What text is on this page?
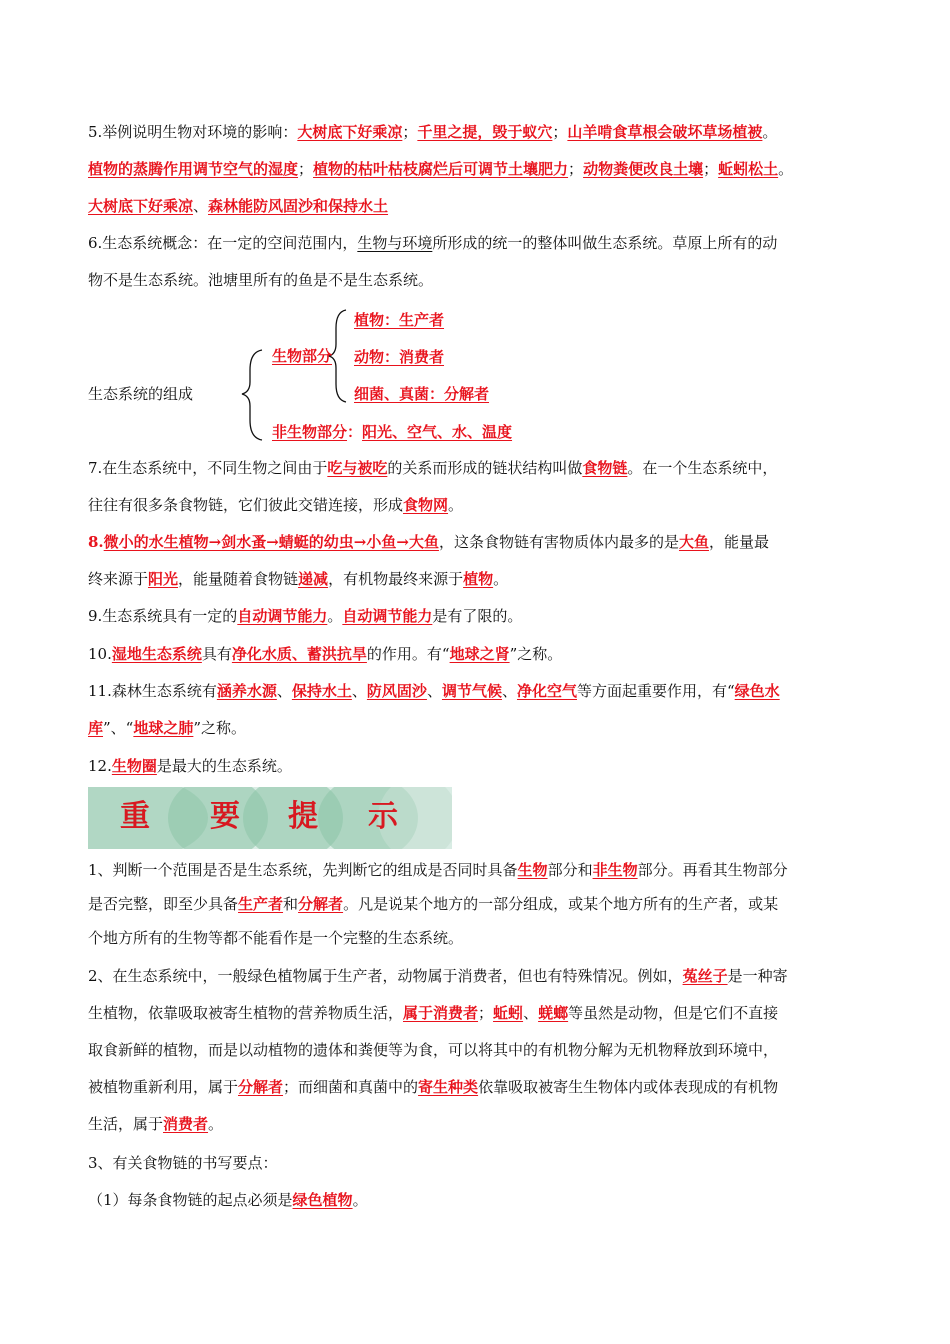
5.举例说明生物对环境的影响：大树底下好乘凉；千里之提，毁于蚁穴；山羊啃食草根会破坏草场植被。
植物的蒸腾作用调节空气的湿度；植物的枯叶枯枝腐烂后可调节土壤肥力；动物粪便改良土壤；蚯蚓松土。
大树底下好乘凉、森林能防风固沙和保持水土
6.生态系统概念：在一定的空间范围内，生物与环境所形成的统一的整体叫做生态系统。草原上所有的动
物不是生态系统。池塘里所有的鱼是不是生态系统。
生态系统的组成
生物部分
植物：生产者
动物：消费者
细菌、真菌：分解者
非生物部分：阳光、空气、水、温度
7.在生态系统中，不同生物之间由于吃与被吃的关系而形成的链状结构叫做食物链。在一个生态系统中，
往往有很多条食物链，它们彼此交错连接，形成食物网。
8.微小的水生植物→剑水蚤→蜻蜓的幼虫→小鱼→大鱼，这条食物链有害物质体内最多的是大鱼，能量最
终来源于阳光，能量随着食物链递减，有机物最终来源于植物。
9.生态系统具有一定的自动调节能力。自动调节能力是有了限的。
10.湿地生态系统具有净化水质、蓄洪抗旱的作用。有“地球之肾”之称。
11.森林生态系统有涵养水源、保持水土、防风固沙、调节气候、净化空气等方面起重要作用，有“绿色水
库”、“地球之肺”之称。
12.生物圈是最大的生态系统。
重 要 提 示
1、判断一个范围是否是生态系统，先判断它的组成是否同时具备生物部分和非生物部分。再看其生物部分
是否完整，即至少具备生产者和分解者。凡是说某个地方的一部分组成，或某个地方所有的生产者，或某
个地方所有的生物等都不能看作是一个完整的生态系统。
2、在生态系统中，一般绿色植物属于生产者，动物属于消费者，但也有特殊情况。例如，菟丝子是一种寄
生植物，依靠吸取被寄生植物的营养物质生活，属于消费者；蚯蚓、蜣螂等虽然是动物，但是它们不直接
取食新鲜的植物，而是以动植物的遗体和粪便等为食，可以将其中的有机物分解为无机物释放到环境中，
被植物重新利用，属于分解者；而细菌和真菌中的寄生种类依靠吸取被寄生生物体内或体表现成的有机物
生活，属于消费者。
3、有关食物链的书写要点：
（1）每条食物链的起点必须是绿色植物。
